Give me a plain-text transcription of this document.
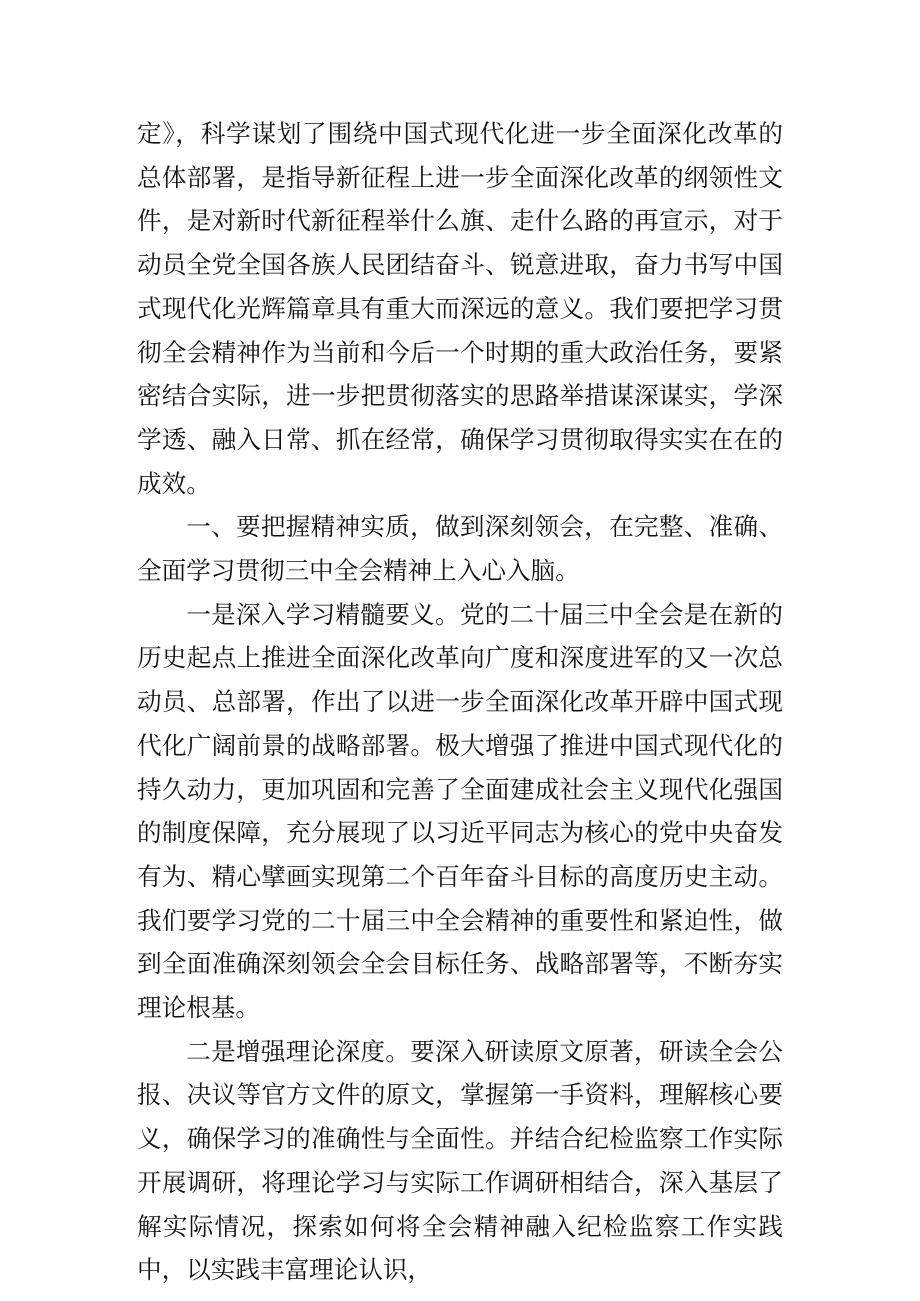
定》，科学谋划了围绕中国式现代化进一步全面深化改革的总体部署，是指导新征程上进一步全面深化改革的纲领性文件，是对新时代新征程举什么旗、走什么路的再宣示，对于动员全党全国各族人民团结奋斗、锐意进取，奋力书写中国式现代化光辉篇章具有重大而深远的意义。我们要把学习贯彻全会精神作为当前和今后一个时期的重大政治任务，要紧密结合实际，进一步把贯彻落实的思路举措谋深谋实，学深学透、融入日常、抓在经常，确保学习贯彻取得实实在在的成效。

一、要把握精神实质，做到深刻领会，在完整、准确、全面学习贯彻三中全会精神上入心入脑。

一是深入学习精髓要义。党的二十届三中全会是在新的历史起点上推进全面深化改革向广度和深度进军的又一次总动员、总部署，作出了以进一步全面深化改革开辟中国式现代化广阔前景的战略部署。极大增强了推进中国式现代化的持久动力，更加巩固和完善了全面建成社会主义现代化强国的制度保障，充分展现了以习近平同志为核心的党中央奋发有为、精心擘画实现第二个百年奋斗目标的高度历史主动。我们要学习党的二十届三中全会精神的重要性和紧迫性，做到全面准确深刻领会全会目标任务、战略部署等，不断夯实理论根基。

二是增强理论深度。要深入研读原文原著，研读全会公报、决议等官方文件的原文，掌握第一手资料，理解核心要义，确保学习的准确性与全面性。并结合纪检监察工作实际开展调研，将理论学习与实际工作调研相结合，深入基层了解实际情况，探索如何将全会精神融入纪检监察工作实践中，以实践丰富理论认识，
